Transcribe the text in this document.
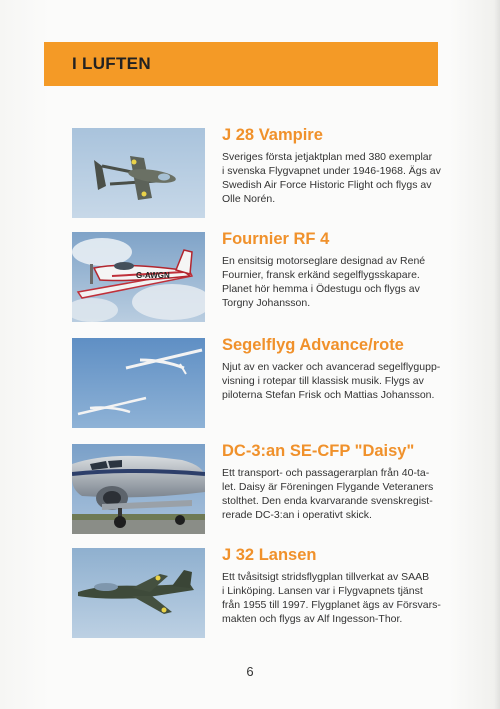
I LUFTEN
J 28 Vampire
Sveriges första jetjaktplan med 380 exemplar
i svenska Flygvapnet under 1946-1968. Ägs av
Swedish Air Force Historic Flight och flygs av
Olle Norén.
G-AWGN
Fournier RF 4
En ensitsig motorseglare designad av René
Fournier, fransk erkänd segelflygsskapare.
Planet hör hemma i Ödestugu och flygs av
Torgny Johansson.
Segelflyg Advance/rote
Njut av en vacker och avancerad segelflygupp-
visning i rotepar till klassisk musik. Flygs av
piloterna Stefan Frisk och Mattias Johansson.
DC-3:an SE-CFP "Daisy"
Ett transport- och passagerarplan från 40-ta-
let. Daisy är Föreningen Flygande Veteraners
stolthet. Den enda kvarvarande svenskregist-
rerade DC-3:an i operativt skick.
J 32 Lansen
Ett tvåsitsigt stridsflygplan tillverkat av SAAB
i Linköping. Lansen var i Flygvapnets tjänst
från 1955 till 1997. Flygplanet ägs av Försvars-
makten och flygs av Alf Ingesson-Thor.
6
